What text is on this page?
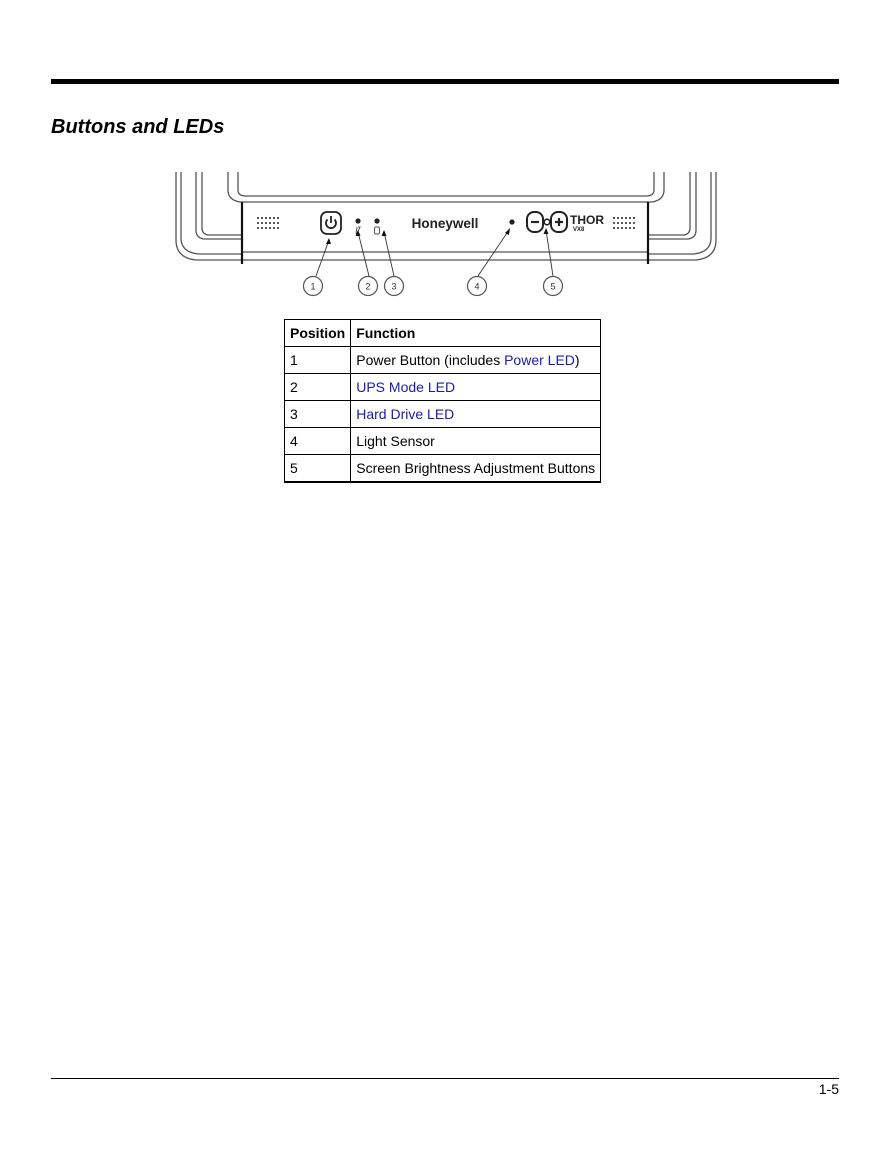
Buttons and LEDs
Honeywell	THOR
VX8
1	2 3	4	5
Position	Function
1	Power Button (includes Power LED)
2	UPS Mode LED
3	Hard Drive LED
4	Light Sensor
5	Screen Brightness Adjustment Buttons
1-5
